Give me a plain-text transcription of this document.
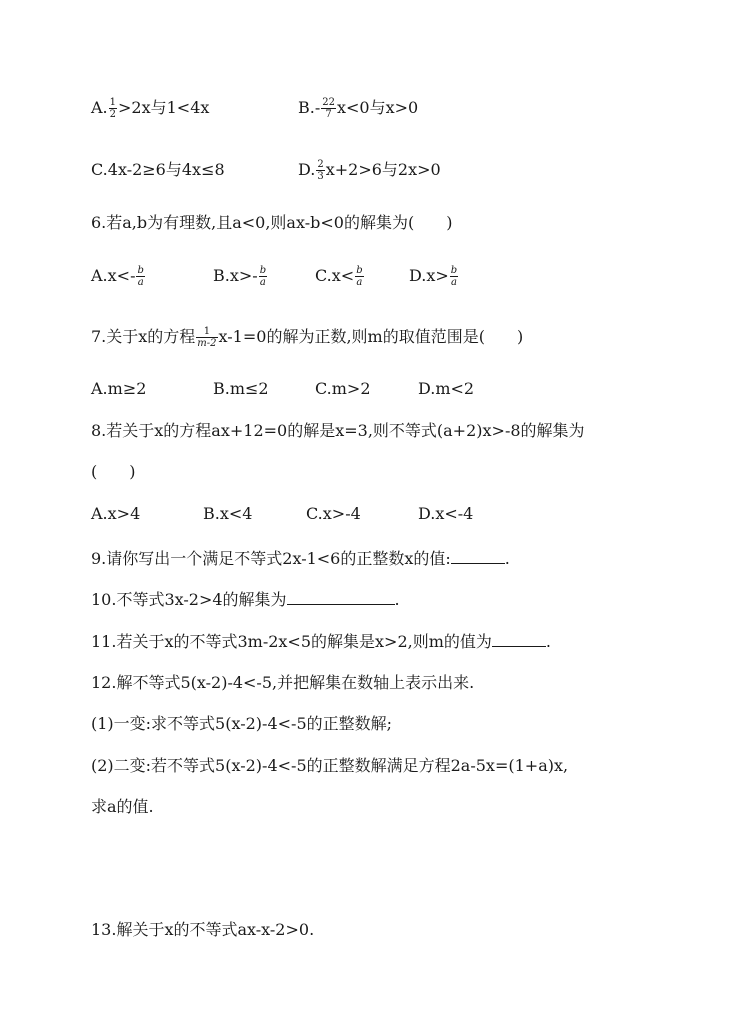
A. $\frac{1}{2} >2x$与1<4x	$B.- \frac{22}{7} x<0$与x>0
C.4x-2≥6与4x≤8	D. $\frac{2}{3} x+2>6$与2x>0
6.若a,b为有理数,且a<0,则ax-b<0的解集为(　　)
$A.x<- \frac{b}{a}$	$B.x>- \frac{b}{a}$	$C.x< \frac{b}{a}$	$D.x> \frac{b}{a}$
7.关于x的方程 $\frac{1}{m-2} x-1=0$的解为正数,则m的取值范围是(　　)
A.m≥2	B.m≤2	C.m>2	D.m<2
8.若关于x的方程ax+12=0的解是x=3,则不等式(a+2)x>-8的解集为
(　　)
A.x>4	B.x<4	C.x>-4	D.x<-4
9.请你写出一个满足不等式2x-1<6的正整数x的值:	.
10.不等式3x-2>4的解集为	.
11.若关于x的不等式3m-2x<5的解集是x>2,则m的值为	.
12.解不等式5(x-2)-4<-5,并把解集在数轴上表示出来.
(1)一变:求不等式5(x-2)-4<-5的正整数解;
(2)二变:若不等式5(x-2)-4<-5的正整数解满足方程2a-5x=(1+a)x,
求a的值.
13.解关于x的不等式ax-x-2>0.
